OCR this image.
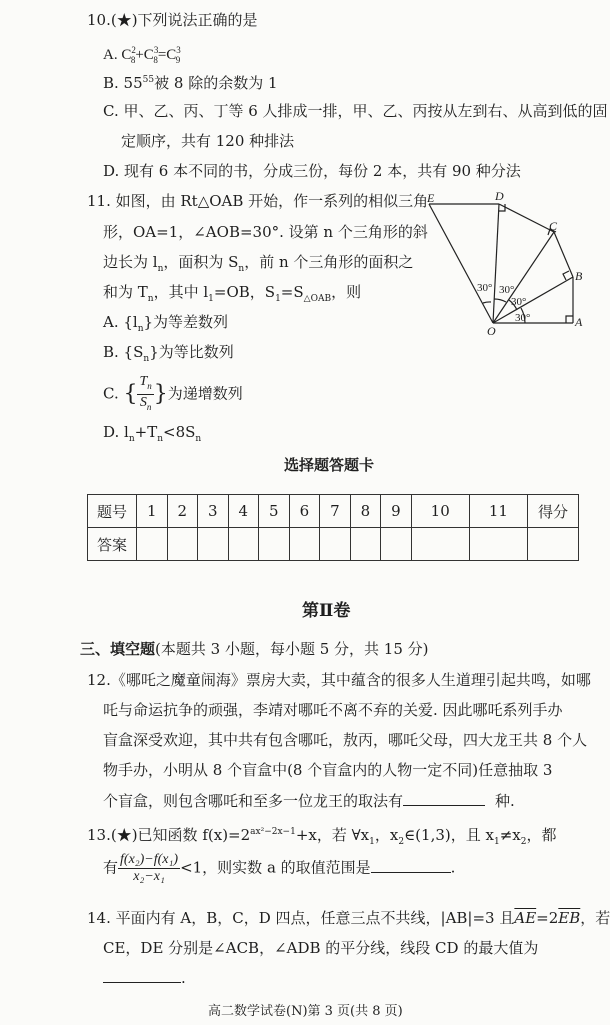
10.(★)下列说法正确的是
A. $C^2_8+C^3_8=C^3_9$
B. $55^{55}$被 8 除的余数为 1
C. 甲、乙、丙、丁等 6 人排成一排，甲、乙、丙按从左到右、从高到低的固
定顺序，共有 120 种排法
D. 现有 6 本不同的书，分成三份，每份 2 本，共有 90 种分法
11. 如图，由 Rt△OAB 开始，作一系列的相似三角
形，OA=1，∠AOB=30°. 设第 n 个三角形的斜
边长为 $l_n$，面积为 $S_n$，前 n 个三角形的面积之
和为 $T_n$，其中 $l_1=OB$，$S_1=S_{\triangle OAB}$，则
A. $\{l_n\}$为等差数列
B. $\{S_n\}$为等比数列
C. { $\frac{T_n}{S_n}$ }为递增数列
D. $l_n+T_n<8S_n$
E	D
C
B
A
O
30°
30°
30°
30°
选择题答题卡
题号	1	2	3	4	5	6	7	8	9	10	11	得分
答案												
第Ⅱ卷
三、填空题(本题共 3 小题，每小题 5 分，共 15 分)
12.《哪吒之魔童闹海》票房大卖，其中蕴含的很多人生道理引起共鸣，如哪
吒与命运抗争的顽强，李靖对哪吒不离不弃的关爱. 因此哪吒系列手办
盲盒深受欢迎，其中共有包含哪吒，敖丙，哪吒父母，四大龙王共 8 个人
物手办，小明从 8 个盲盒中(8 个盲盒内的人物一定不同)任意抽取 3
个盲盒，则包含哪吒和至多一位龙王的取法有	种.
13.(★)已知函数 $f(x)=2^{ax^2-2x-1}+x$，若 $\forall x_1$，$x_2\in(1,3)$，且 $x_1\ne x_2$，都
有 $\frac{\text{f(x₂)−f(x₁)}}{\text{x₂−x₁}} <1$，则实数 a 的取值范围是	.
14. 平面内有 A，B，C，D 四点，任意三点不共线，|AB|=3 且$\overline{AE}=2\overline{EB}$，若
CE，DE 分别是∠ACB，∠ADB 的平分线，线段 CD 的最大值为
.
高二数学试卷(N)第 3 页(共 8 页)
